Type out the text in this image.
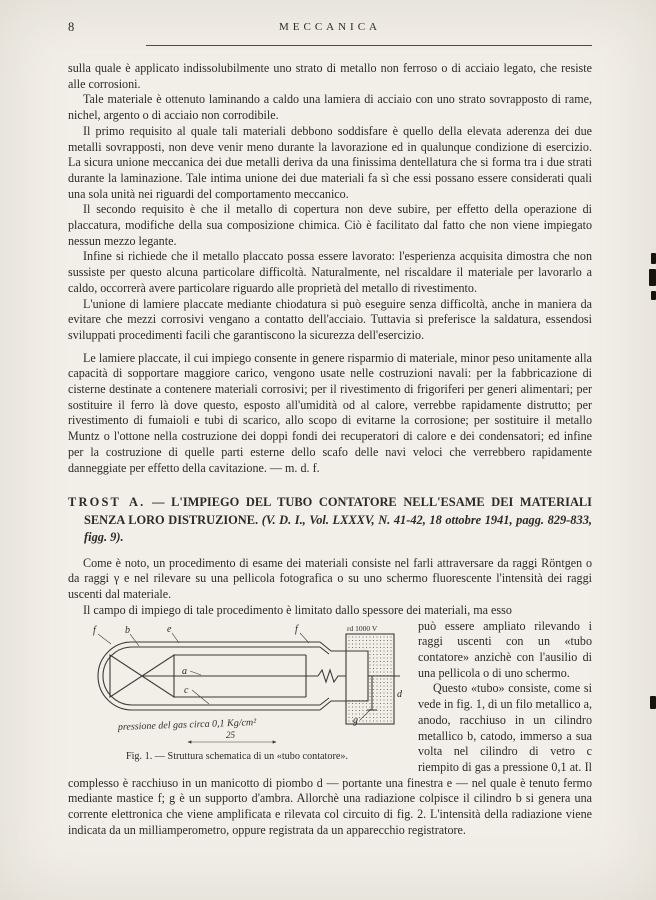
8	MECCANICA

sulla quale è applicato indissolubilmente uno strato di metallo non ferroso o di acciaio legato, che resiste alle corrosioni.

Tale materiale è ottenuto laminando a caldo una lamiera di acciaio con uno strato sovrapposto di rame, nichel, argento o di acciaio non corrodibile.

Il primo requisito al quale tali materiali debbono soddisfare è quello della elevata aderenza dei due metalli sovrapposti, non deve venir meno durante la lavorazione ed in qualunque condizione di esercizio. La sicura unione meccanica dei due metalli deriva da una finissima dentellatura che si forma tra i due strati durante la laminazione. Tale intima unione dei due materiali fa sì che essi possano essere considerati quali una sola unità nei riguardi del comportamento meccanico.

Il secondo requisito è che il metallo di copertura non deve subire, per effetto della operazione di placcatura, modifiche della sua composizione chimica. Ciò è facilitato dal fatto che non viene impiegato nessun mezzo legante.

Infine si richiede che il metallo placcato possa essere lavorato: l'esperienza acquisita dimostra che non sussiste per questo alcuna particolare difficoltà. Naturalmente, nel riscaldare il materiale per lavorarlo a caldo, occorrerà avere particolare riguardo alle proprietà del metallo di rivestimento.

L'unione di lamiere placcate mediante chiodatura si può eseguire senza difficoltà, anche in maniera da evitare che mezzi corrosivi vengano a contatto dell'acciaio. Tuttavia si preferisce la saldatura, essendosi sviluppati procedimenti facili che garantiscono la sicurezza dell'esercizio.

Le lamiere placcate, il cui impiego consente in genere risparmio di materiale, minor peso unitamente alla capacità di sopportare maggiore carico, vengono usate nelle costruzioni navali: per la fabbricazione di cisterne destinate a contenere materiali corrosivi; per il rivestimento di frigoriferi per generi alimentari; per sostituire il ferro là dove questo, esposto all'umidità od al calore, verrebbe rapidamente distrutto; per rivestimento di fumaioli e tubi di scarico, allo scopo di evitarne la corrosione; per sostituire il metallo Muntz o l'ottone nella costruzione dei doppi fondi dei recuperatori di calore e dei condensatori; ed infine per la costruzione di quelle parti esterne dello scafo delle navi veloci che verrebbero rapidamente danneggiate per effetto della cavitazione. — m. d. f.

TROST A. — L'IMPIEGO DEL TUBO CONTATORE NELL'ESAME DEI MATERIALI SENZA LORO DISTRUZIONE. (V. D. I., Vol. LXXXV, N. 41-42, 18 ottobre 1941, pagg. 829-833, figg. 9).

Come è noto, un procedimento di esame dei materiali consiste nel farli attraversare da raggi Röntgen o da raggi γ e nel rilevare su una pellicola fotografica o su uno schermo fluorescente l'intensità dei raggi uscenti dal materiale.

Il campo di impiego di tale procedimento è limitato dallo spessore dei materiali, ma esso

f	b	e	f
a
c	d
g
rd 1000 V
pressione del gas circa 0,1 Kg/cm²
25
Fig. 1. — Struttura schematica di un «tubo contatore».

può essere ampliato rilevando i raggi uscenti con un «tubo contatore» anzichè con l'ausilio di una pellicola o di uno schermo.

Questo «tubo» consiste, come si vede in fig. 1, di un filo metallico a, anodo, racchiuso in un cilindro metallico b, catodo, immerso a sua volta nel cilindro di vetro c riempito di gas a pressione 0,1 at. Il complesso è racchiuso in un manicotto di piombo d — portante una finestra e — nel quale è tenuto fermo mediante mastice f; g è un supporto d'ambra. Allorchè una radiazione colpisce il cilindro b si genera una corrente elettronica che viene amplificata e rilevata col circuito di fig. 2. L'intensità della radiazione viene indicata da un milliamperometro, oppure registrata da un apparecchio registratore.
